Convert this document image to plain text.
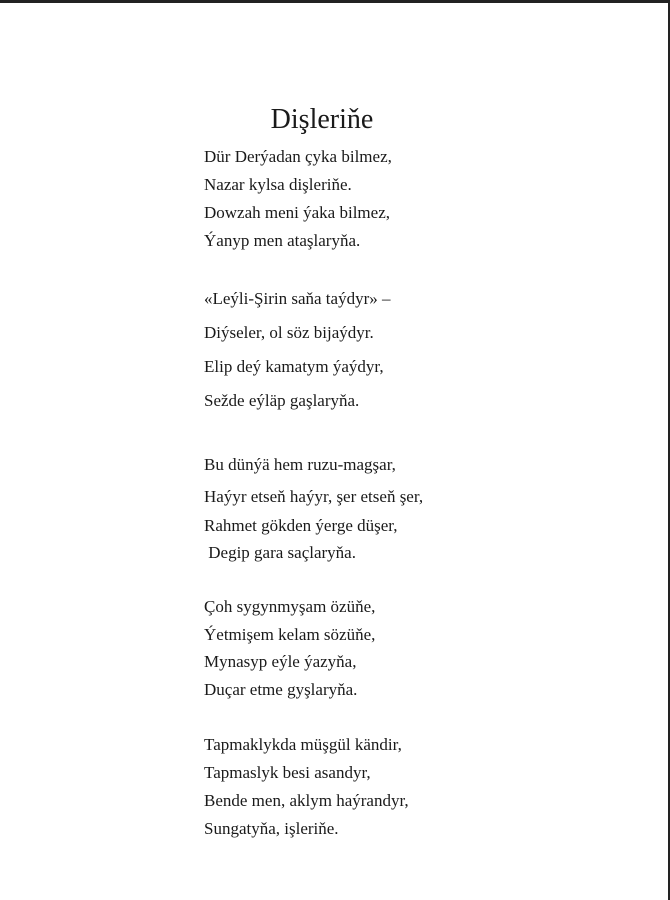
Dişleriňe
Dür Derýadan çyka bilmez,
Nazar kylsa dişleriňe.
Dowzah meni ýaka bilmez,
Ýanyp men ataşlaryňa.
«Leýli-Şirin saňa taýdyr» –
Diýseler, ol söz bijaýdyr.
Elip deý kamatym ýaýdyr,
Sežde eýläp gaşlaryňa.
Bu dünýä hem ruzu-magşar,
Haýyr etseň haýyr, şer etseň şer,
Rahmet gökden ýerge düşer,
Degip gara saçlaryňa.
Çoh sygynmyşam özüňe,
Ýetmişem kelam sözüňe,
Mynasyp eýle ýazyňa,
Duçar etme gyşlaryňa.
Tapmaklykda müşgül kändir,
Tapmaslyk besi asandyr,
Bende men, aklym haýrandyr,
Sungatyňa, işleriňe.
